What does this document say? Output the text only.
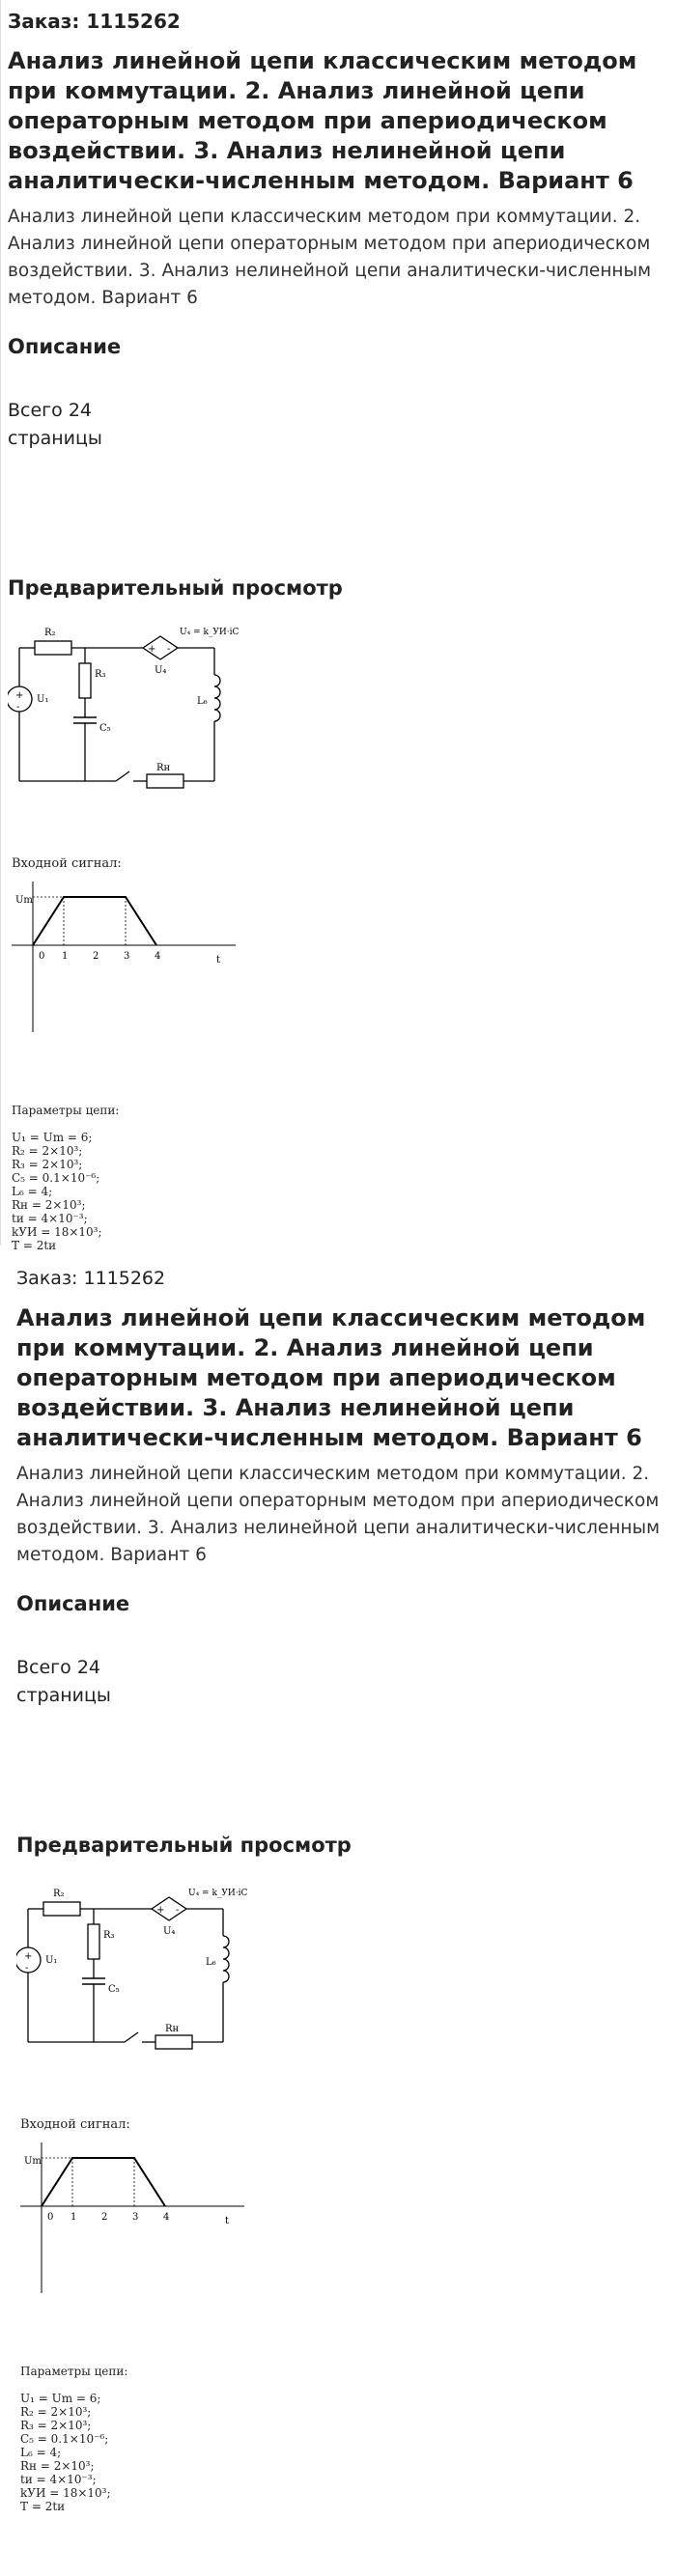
Заказ: 1115262
Анализ линейной цепи классическим методом при коммутации. 2. Анализ линейной цепи операторным методом при апериодическом воздействии. 3. Анализ нелинейной цепи аналитически-численным методом. Вариант 6
Анализ линейной цепи классическим методом при коммутации. 2. Анализ линейной цепи операторным методом при апериодическом воздействии. 3. Анализ нелинейной цепи аналитически-численным методом. Вариант 6
Описание
Всего 24
страницы
Предварительный просмотр
R₂
R₃
C₅
L₆
U₁
U₄
U₄ = k_УИ·iC
Rн
+
-
+ -
Входной сигнал:
Um
t
0 1	2	3	4
Параметры цепи:
U₁ = Um = 6;
R₂ = 2×10³;
R₃ = 2×10³;
C₅ = 0.1×10⁻⁶;
L₆ = 4;
Rн = 2×10³;
tи = 4×10⁻³;
kУИ = 18×10³;
T = 2tи
Заказ: 1115262
Анализ линейной цепи классическим методом при коммутации. 2. Анализ линейной цепи операторным методом при апериодическом воздействии. 3. Анализ нелинейной цепи аналитически-численным методом. Вариант 6
Анализ линейной цепи классическим методом при коммутации. 2. Анализ линейной цепи операторным методом при апериодическом воздействии. 3. Анализ нелинейной цепи аналитически-численным методом. Вариант 6
Описание
Всего 24
страницы
Предварительный просмотр
R₂
R₃
C₅
L₆
U₁
U₄
U₄ = k_УИ·iC
Rн
+
-
+ -
Входной сигнал:
Um
t
0 1	2	3	4
Параметры цепи:
U₁ = Um = 6;
R₂ = 2×10³;
R₃ = 2×10³;
C₅ = 0.1×10⁻⁶;
L₆ = 4;
Rн = 2×10³;
tи = 4×10⁻³;
kУИ = 18×10³;
T = 2tи
